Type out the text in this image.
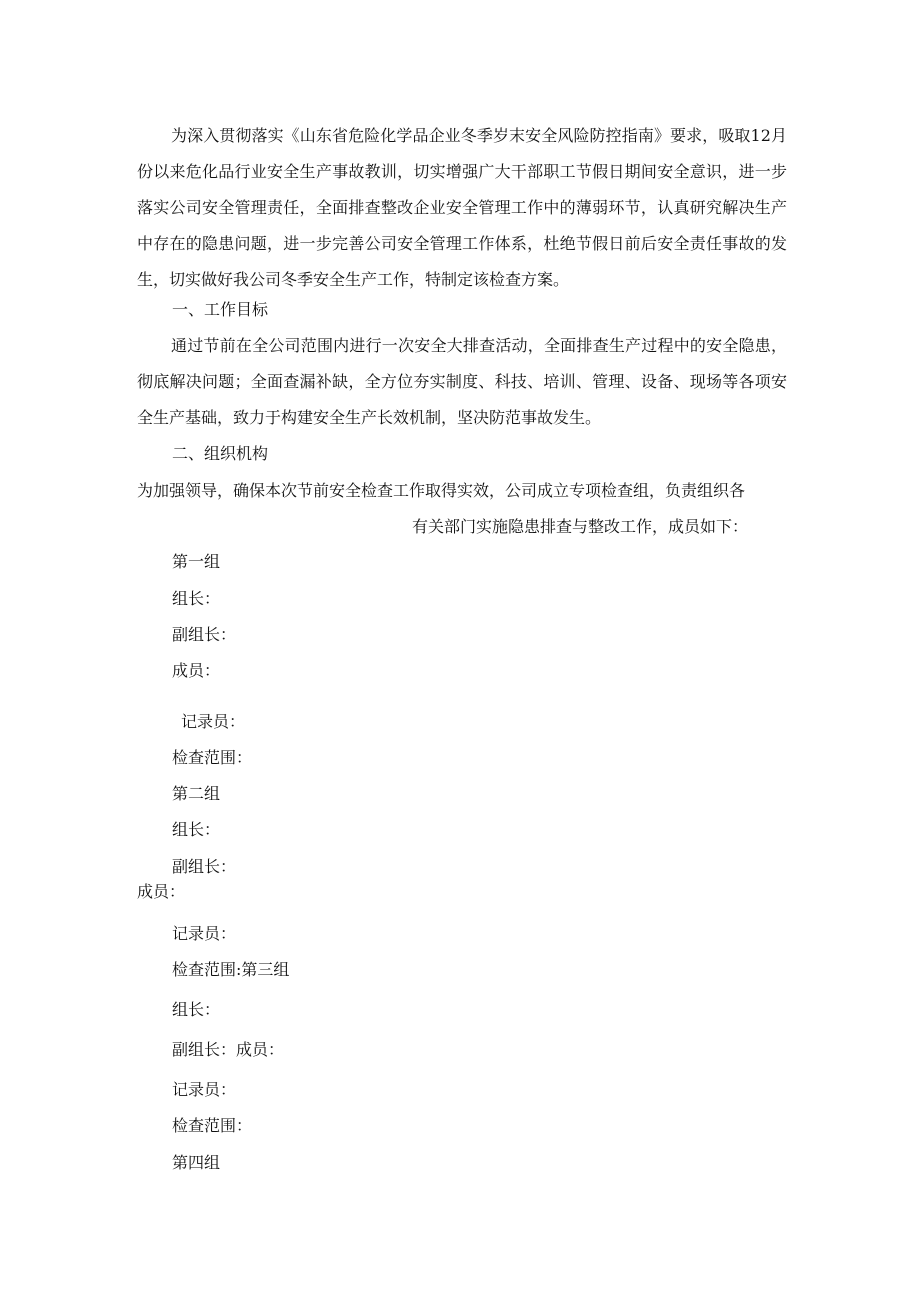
为深入贯彻落实《山东省危险化学品企业冬季岁末安全风险防控指南》要求，吸取12月份以来危化品行业安全生产事故教训，切实增强广大干部职工节假日期间安全意识，进一步落实公司安全管理责任，全面排查整改企业安全管理工作中的薄弱环节，认真研究解决生产中存在的隐患问题，进一步完善公司安全管理工作体系，杜绝节假日前后安全责任事故的发生，切实做好我公司冬季安全生产工作，特制定该检查方案。
一、工作目标
通过节前在全公司范围内进行一次安全大排查活动，全面排查生产过程中的安全隐患，彻底解决问题；全面查漏补缺，全方位夯实制度、科技、培训、管理、设备、现场等各项安全生产基础，致力于构建安全生产长效机制，坚决防范事故发生。
二、组织机构
为加强领导，确保本次节前安全检查工作取得实效，公司成立专项检查组，负责组织各
有关部门实施隐患排查与整改工作，成员如下：
第一组
组长：
副组长：
成员：
记录员：
检查范围：
第二组
组长：
副组长：
成员：
记录员：
检查范围:第三组
组长：
副组长：成员：
记录员：
检查范围：
第四组
